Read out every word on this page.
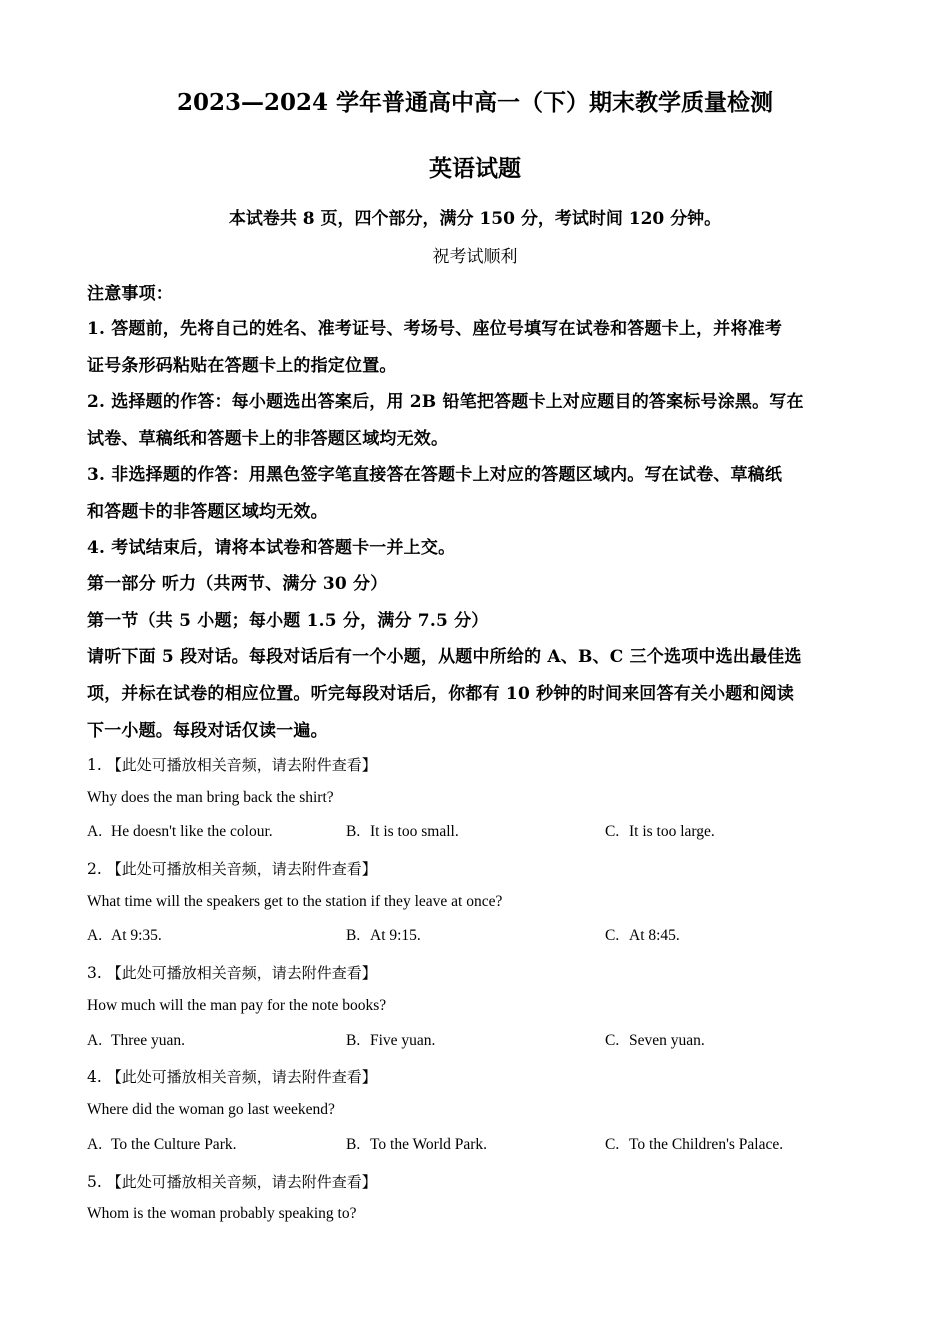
2023—2024 学年普通高中高一（下）期末教学质量检测
英语试题
本试卷共 8 页，四个部分，满分 150 分，考试时间 120 分钟。
祝考试顺利
注意事项：
1. 答题前，先将自己的姓名、准考证号、考场号、座位号填写在试卷和答题卡上，并将准考
证号条形码粘贴在答题卡上的指定位置。
2. 选择题的作答：每小题选出答案后，用 2B 铅笔把答题卡上对应题目的答案标号涂黑。写在
试卷、草稿纸和答题卡上的非答题区域均无效。
3. 非选择题的作答：用黑色签字笔直接答在答题卡上对应的答题区域内。写在试卷、草稿纸
和答题卡的非答题区域均无效。
4. 考试结束后，请将本试卷和答题卡一并上交。
第一部分 听力（共两节、满分 30 分）
第一节（共 5 小题；每小题 1.5 分，满分 7.5 分）
请听下面 5 段对话。每段对话后有一个小题，从题中所给的 A、B、C 三个选项中选出最佳选
项，并标在试卷的相应位置。听完每段对话后，你都有 10 秒钟的时间来回答有关小题和阅读
下一小题。每段对话仅读一遍。
1. 【此处可播放相关音频，请去附件查看】
Why does the man bring back the shirt?
A. He doesn't like the colour.	B. It is too small.	C. It is too large.
2. 【此处可播放相关音频，请去附件查看】
What time will the speakers get to the station if they leave at once?
A. At 9:35.	B. At 9:15.	C. At 8:45.
3. 【此处可播放相关音频，请去附件查看】
How much will the man pay for the note books?
A. Three yuan.	B. Five yuan.	C. Seven yuan.
4. 【此处可播放相关音频，请去附件查看】
Where did the woman go last weekend?
A. To the Culture Park.	B. To the World Park.	C. To the Children's Palace.
5. 【此处可播放相关音频，请去附件查看】
Whom is the woman probably speaking to?
